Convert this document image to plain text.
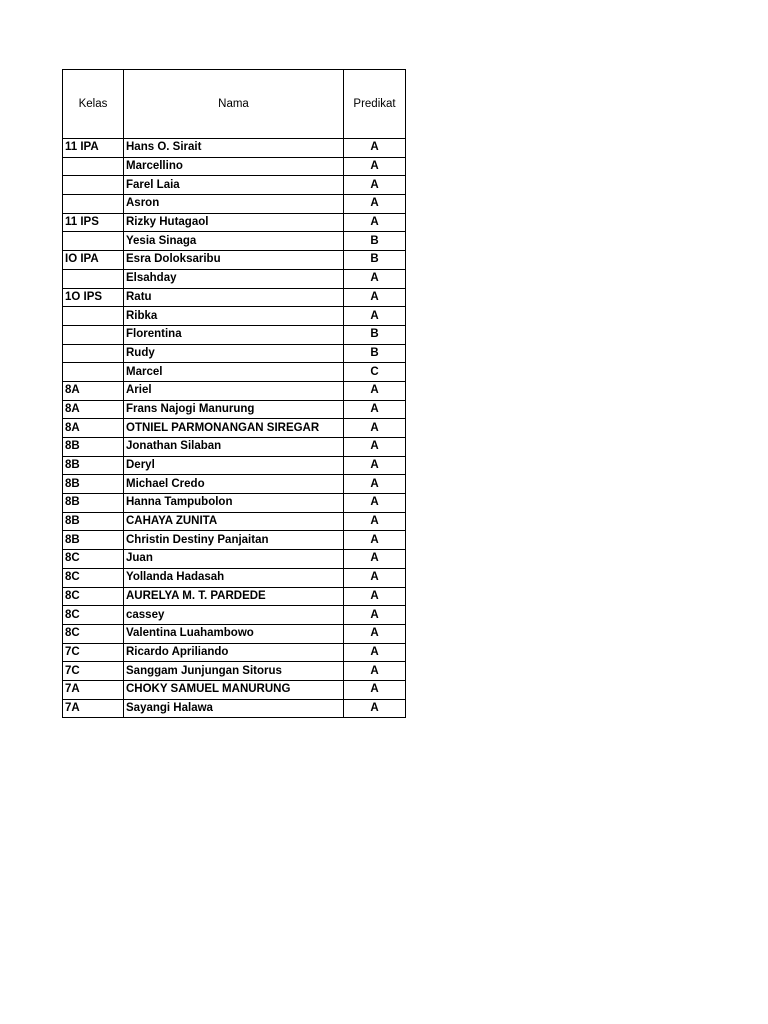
Kelas	Nama	Predikat
11 IPA	Hans O. Sirait	A
	Marcellino	A
	Farel Laia	A
	Asron	A
11 IPS	Rizky Hutagaol	A
	Yesia Sinaga	B
IO IPA	Esra Doloksaribu	B
	Elsahday	A
1O IPS	Ratu	A
	Ribka	A
	Florentina	B
	Rudy	B
	Marcel	C
8A	Ariel	A
8A	Frans Najogi Manurung	A
8A	OTNIEL PARMONANGAN SIREGAR	A
8B	Jonathan Silaban	A
8B	Deryl	A
8B	Michael Credo	A
8B	Hanna Tampubolon	A
8B	CAHAYA ZUNITA	A
8B	Christin Destiny Panjaitan	A
8C	Juan	A
8C	Yollanda Hadasah	A
8C	AURELYA M. T. PARDEDE	A
8C	cassey	A
8C	Valentina Luahambowo	A
7C	Ricardo Apriliando	A
7C	Sanggam Junjungan Sitorus	A
7A	CHOKY SAMUEL MANURUNG	A
7A	Sayangi Halawa	A
